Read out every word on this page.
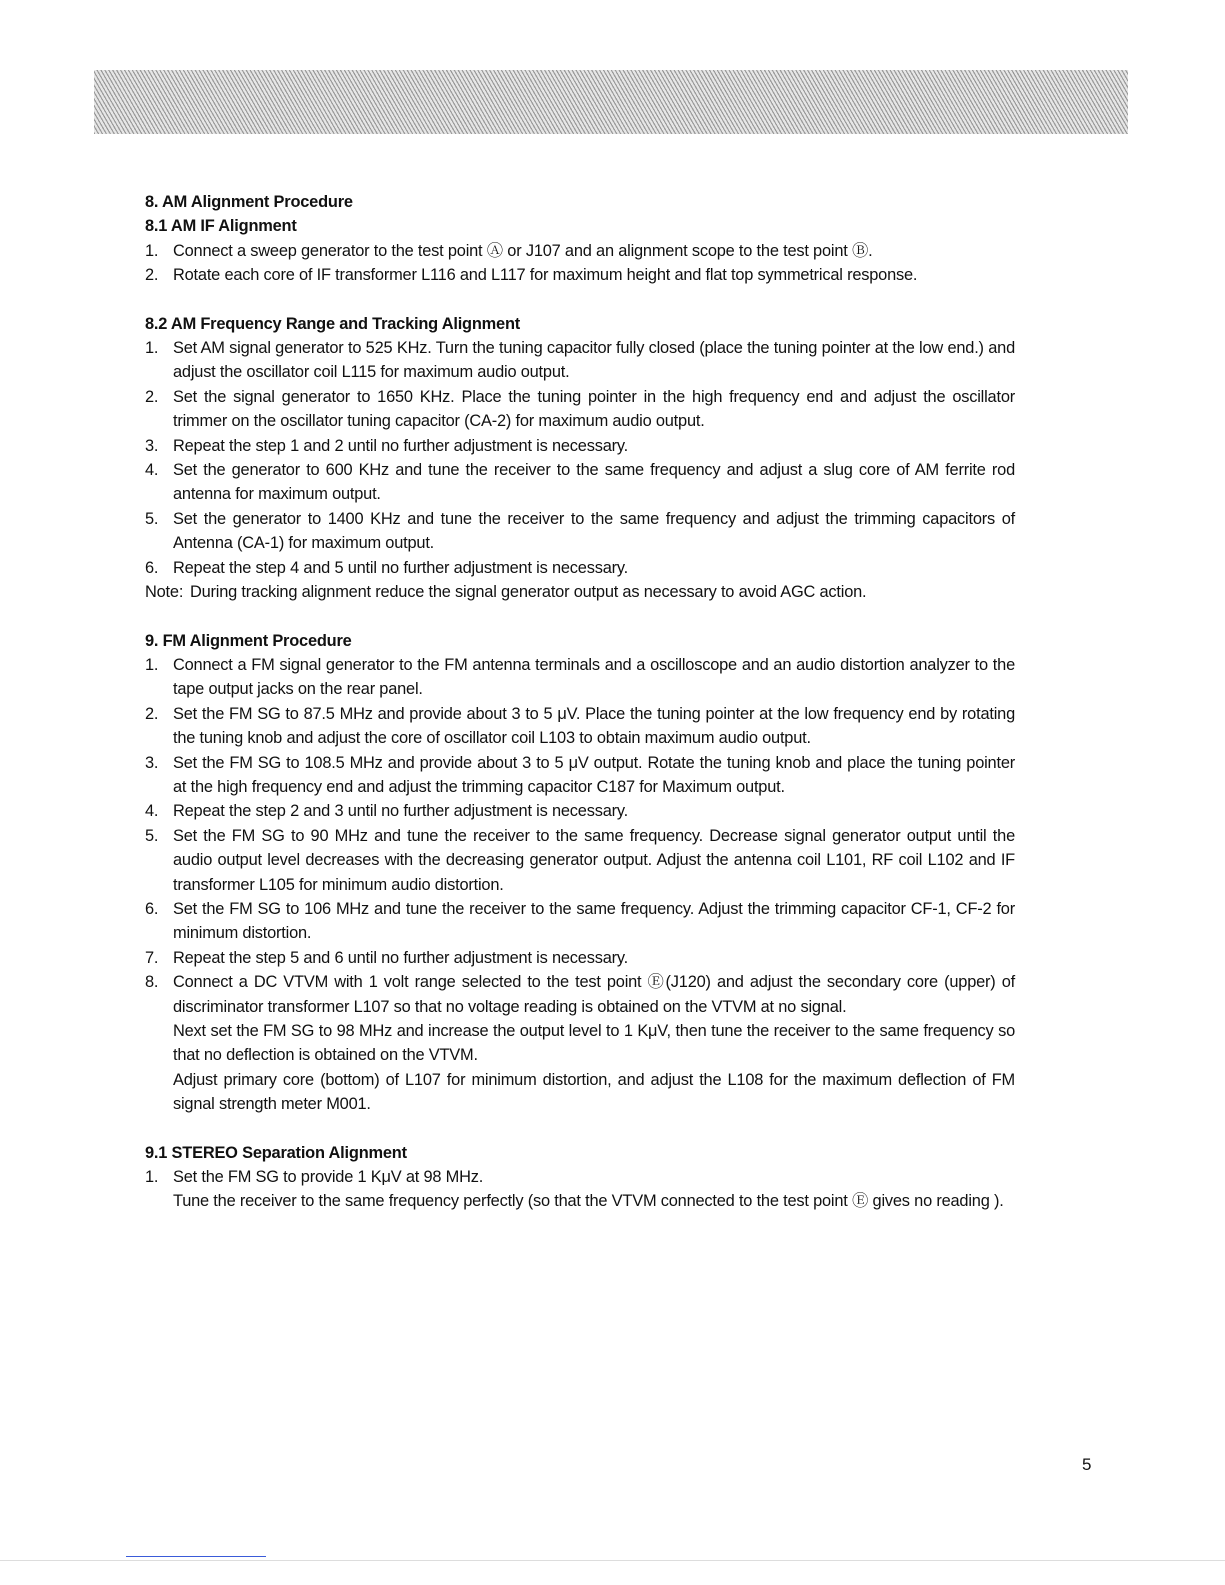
8. AM Alignment Procedure
8.1 AM IF Alignment
1. Connect a sweep generator to the test point Ⓐ or J107 and an alignment scope to the test point Ⓑ.
2. Rotate each core of IF transformer L116 and L117 for maximum height and flat top symmetrical response.
8.2 AM Frequency Range and Tracking Alignment
1. Set AM signal generator to 525 KHz. Turn the tuning capacitor fully closed (place the tuning pointer at the low end.) and adjust the oscillator coil L115 for maximum audio output.
2. Set the signal generator to 1650 KHz. Place the tuning pointer in the high frequency end and adjust the oscillator trimmer on the oscillator tuning capacitor (CA-2) for maximum audio output.
3. Repeat the step 1 and 2 until no further adjustment is necessary.
4. Set the generator to 600 KHz and tune the receiver to the same frequency and adjust a slug core of AM ferrite rod antenna for maximum output.
5. Set the generator to 1400 KHz and tune the receiver to the same frequency and adjust the trimming capacitors of Antenna (CA-1) for maximum output.
6. Repeat the step 4 and 5 until no further adjustment is necessary.
Note: During tracking alignment reduce the signal generator output as necessary to avoid AGC action.
9. FM Alignment Procedure
1. Connect a FM signal generator to the FM antenna terminals and a oscilloscope and an audio distortion analyzer to the tape output jacks on the rear panel.
2. Set the FM SG to 87.5 MHz and provide about 3 to 5 μV. Place the tuning pointer at the low frequency end by rotating the tuning knob and adjust the core of oscillator coil L103 to obtain maximum audio output.
3. Set the FM SG to 108.5 MHz and provide about 3 to 5 μV output. Rotate the tuning knob and place the tuning pointer at the high frequency end and adjust the trimming capacitor C187 for Maximum output.
4. Repeat the step 2 and 3 until no further adjustment is necessary.
5. Set the FM SG to 90 MHz and tune the receiver to the same frequency. Decrease signal generator output until the audio output level decreases with the decreasing generator output. Adjust the antenna coil L101, RF coil L102 and IF transformer L105 for minimum audio distortion.
6. Set the FM SG to 106 MHz and tune the receiver to the same frequency. Adjust the trimming capacitor CF-1, CF-2 for minimum distortion.
7. Repeat the step 5 and 6 until no further adjustment is necessary.
8. Connect a DC VTVM with 1 volt range selected to the test point Ⓔ(J120) and adjust the secondary core (upper) of discriminator transformer L107 so that no voltage reading is obtained on the VTVM at no signal.
Next set the FM SG to 98 MHz and increase the output level to 1 KμV, then tune the receiver to the same frequency so that no deflection is obtained on the VTVM.
Adjust primary core (bottom) of L107 for minimum distortion, and adjust the L108 for the maximum deflection of FM signal strength meter M001.
9.1 STEREO Separation Alignment
1. Set the FM SG to provide 1 KμV at 98 MHz.
Tune the receiver to the same frequency perfectly (so that the VTVM connected to the test point Ⓔ gives no reading ).
5
